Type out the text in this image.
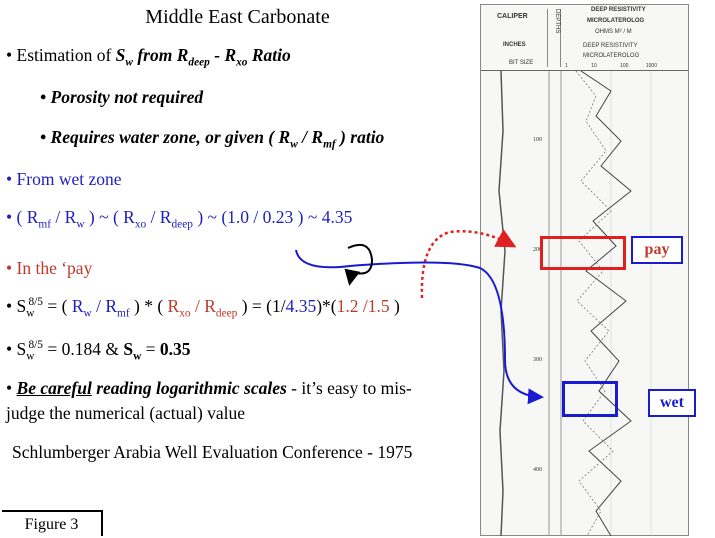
Middle East Carbonate
• Estimation of $S_w$ from $R_{deep} - R_{xo}$ Ratio
• Porosity not required
• Requires water zone, or given ( $R_w / R_{mf}$ ) ratio
• From wet zone
• ( $R_{mf} / R_w$ ) ~ ( $R_{xo} / R_{deep}$ ) ~ (1.0 / 0.23 ) ~ 4.35
• In the ‘pay
• $S_w^{8/5}$ = ( $R_w / R_{mf}$ ) * ( $R_{xo} / R_{deep}$ ) = (1/4.35)*(1.2 /1.5 )
• $S_w^{8/5} = 0.184$ & $S_w = 0.35$
• Be careful reading logarithmic scales - it’s easy to mis-
judge the numerical (actual) value
Schlumberger Arabia Well Evaluation Conference - 1975
Figure 3
CALIPER	DEPTHS	DEEP RESISTIVITY
MICROLATEROLOG
OHMS M² / M
INCHES
BIT SIZE
DEEP RESISTIVITY
MICROLATEROLOG
1	10	100	1000
100
200
300
400
pay
wet
